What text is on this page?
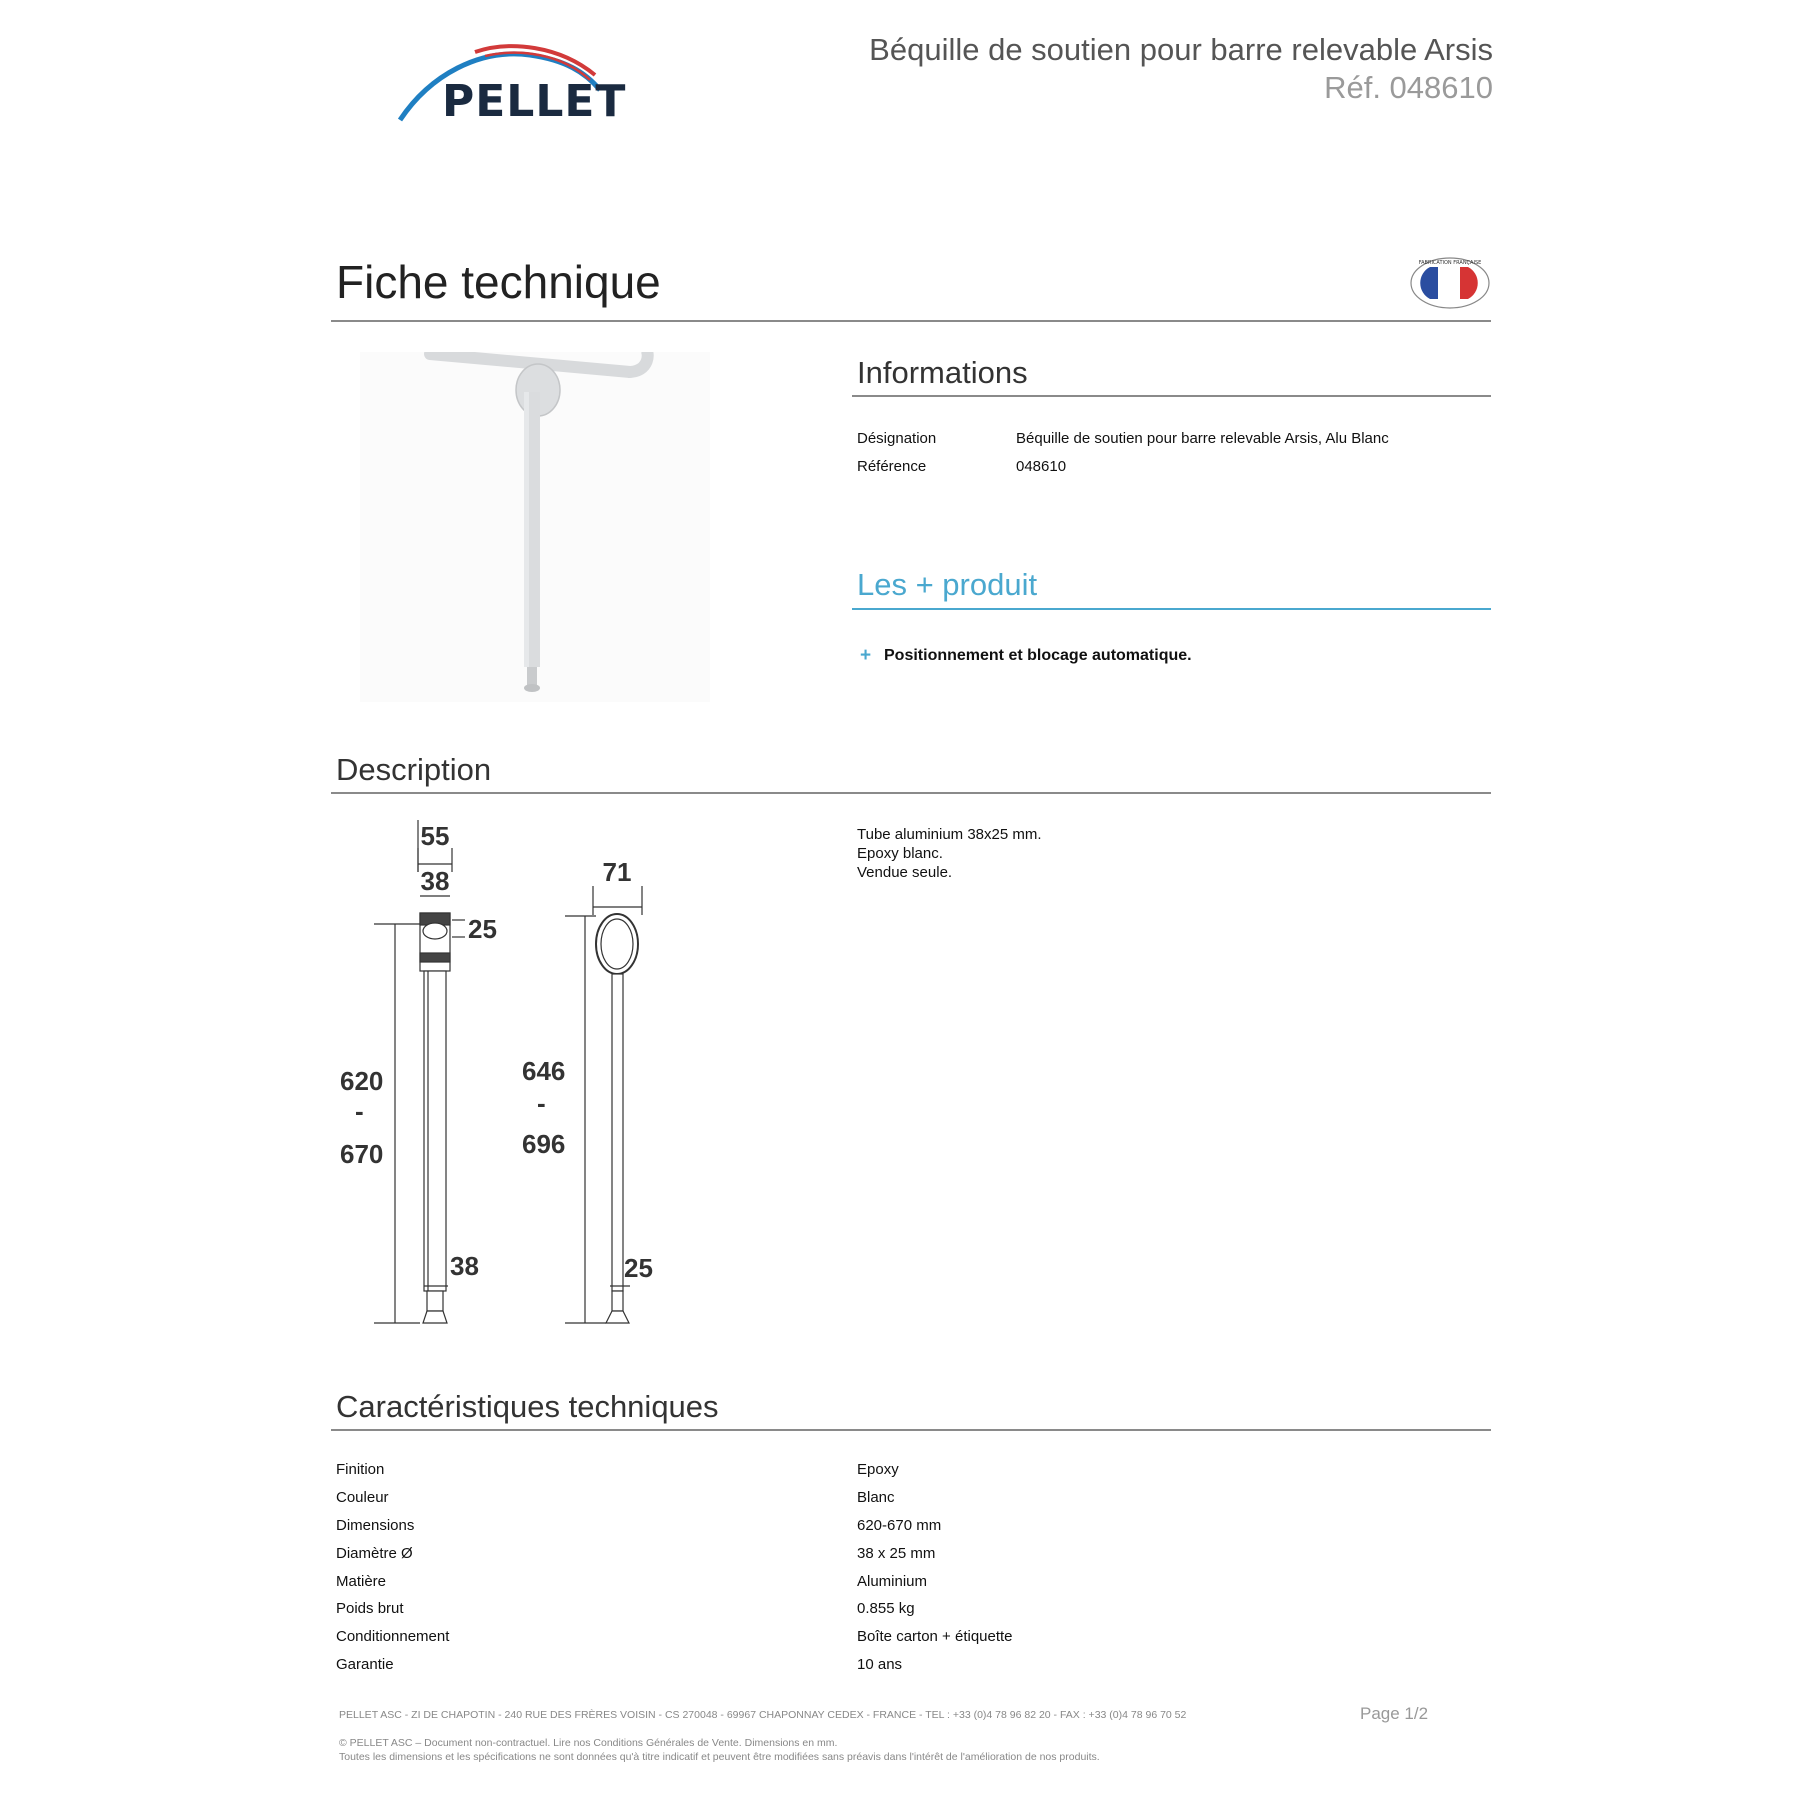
PELLET
Béquille de soutien pour barre relevable Arsis
Réf. 048610
Fiche technique	FABRICATION FRANÇAISE
Informations
Désignation	Béquille de soutien pour barre relevable Arsis, Alu Blanc
Référence	048610
Les + produit
+ Positionnement et blocage automatique.
Description
55
38
25
620
-
670
38
71
646
-
696
25
Tube aluminium 38x25 mm.
Epoxy blanc.
Vendue seule.
Caractéristiques techniques
Finition	Epoxy
Couleur	Blanc
Dimensions	620-670 mm
Diamètre Ø	38 x 25 mm
Matière	Aluminium
Poids brut	0.855 kg
Conditionnement	Boîte carton + étiquette
Garantie	10 ans
PELLET ASC - ZI DE CHAPOTIN - 240 RUE DES FRÈRES VOISIN - CS 270048 - 69967 CHAPONNAY CEDEX - FRANCE - TEL : +33 (0)4 78 96 82 20 - FAX : +33 (0)4 78 96 70 52	Page 1/2
© PELLET ASC – Document non-contractuel. Lire nos Conditions Générales de Vente. Dimensions en mm.
Toutes les dimensions et les spécifications ne sont données qu'à titre indicatif et peuvent être modifiées sans préavis dans l'intérêt de l'amélioration de nos produits.
